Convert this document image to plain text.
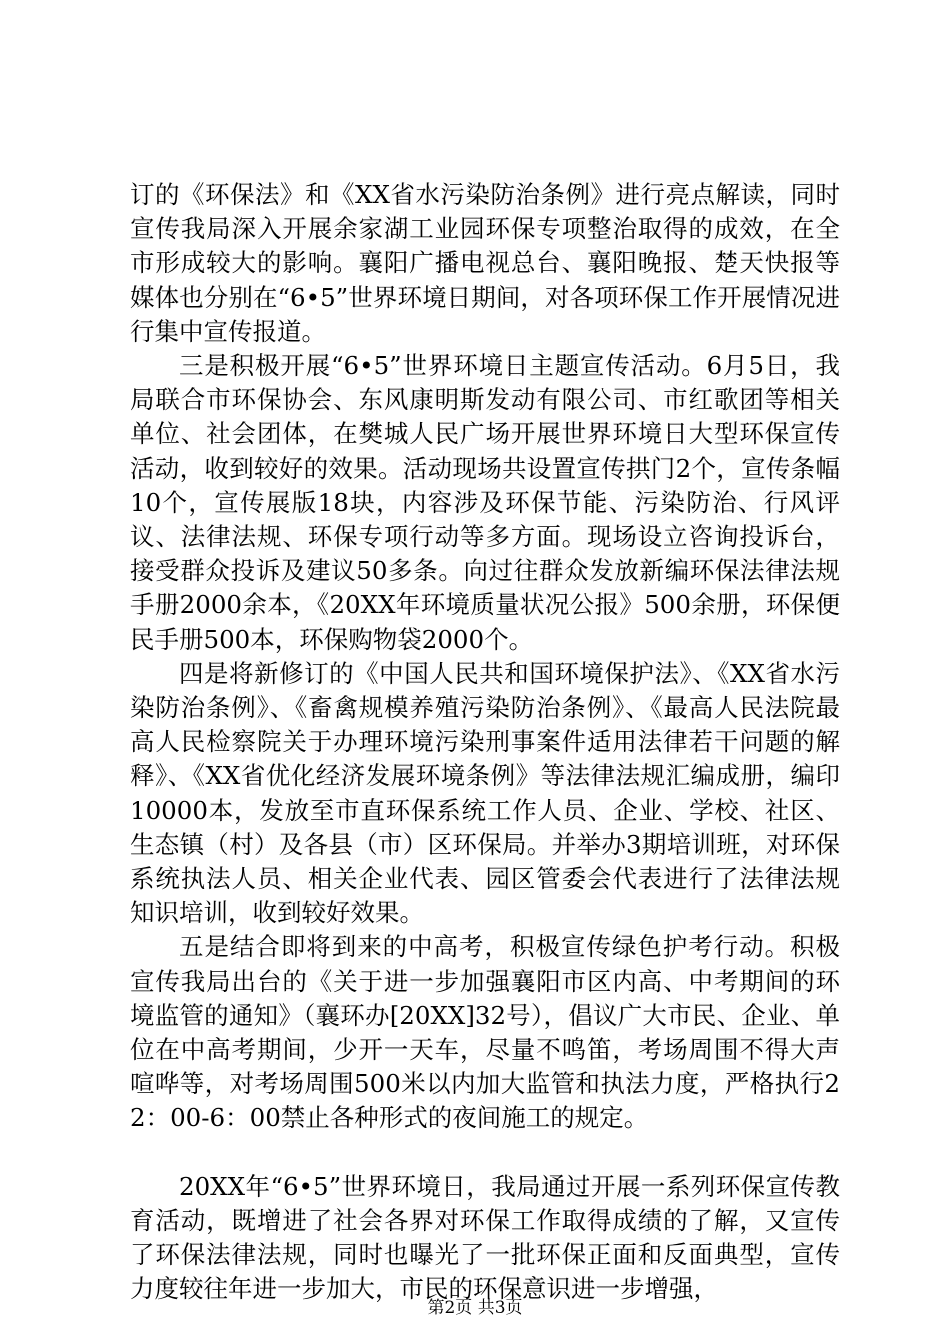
订的《环保法》和《XX省水污染防治条例》进行亮点解读，同时宣传我局深入开展余家湖工业园环保专项整治取得的成效，在全市形成较大的影响。襄阳广播电视总台、襄阳晚报、楚天快报等媒体也分别在“6•5”世界环境日期间，对各项环保工作开展情况进行集中宣传报道。

三是积极开展“6•5”世界环境日主题宣传活动。6月5日，我局联合市环保协会、东风康明斯发动有限公司、市红歌团等相关单位、社会团体，在樊城人民广场开展世界环境日大型环保宣传活动，收到较好的效果。活动现场共设置宣传拱门2个，宣传条幅10个，宣传展版18块，内容涉及环保节能、污染防治、行风评议、法律法规、环保专项行动等多方面。现场设立咨询投诉台，接受群众投诉及建议50多条。向过往群众发放新编环保法律法规手册2000余本，《20XX年环境质量状况公报》500余册，环保便民手册500本，环保购物袋2000个。

四是将新修订的《中国人民共和国环境保护法》、《XX省水污染防治条例》、《畜禽规模养殖污染防治条例》、《最高人民法院最高人民检察院关于办理环境污染刑事案件适用法律若干问题的解释》、《XX省优化经济发展环境条例》等法律法规汇编成册，编印10000本，发放至市直环保系统工作人员、企业、学校、社区、生态镇（村）及各县（市）区环保局。并举办3期培训班，对环保系统执法人员、相关企业代表、园区管委会代表进行了法律法规知识培训，收到较好效果。

五是结合即将到来的中高考，积极宣传绿色护考行动。积极宣传我局出台的《关于进一步加强襄阳市区内高、中考期间的环境监管的通知》（襄环办[20XX]32号），倡议广大市民、企业、单位在中高考期间，少开一天车，尽量不鸣笛，考场周围不得大声喧哗等，对考场周围500米以内加大监管和执法力度，严格执行22：00-6：00禁止各种形式的夜间施工的规定。

20XX年“6•5”世界环境日，我局通过开展一系列环保宣传教育活动，既增进了社会各界对环保工作取得成绩的了解，又宣传了环保法律法规，同时也曝光了一批环保正面和反面典型，宣传力度较往年进一步加大，市民的环保意识进一步增强，

第2页 共3页
